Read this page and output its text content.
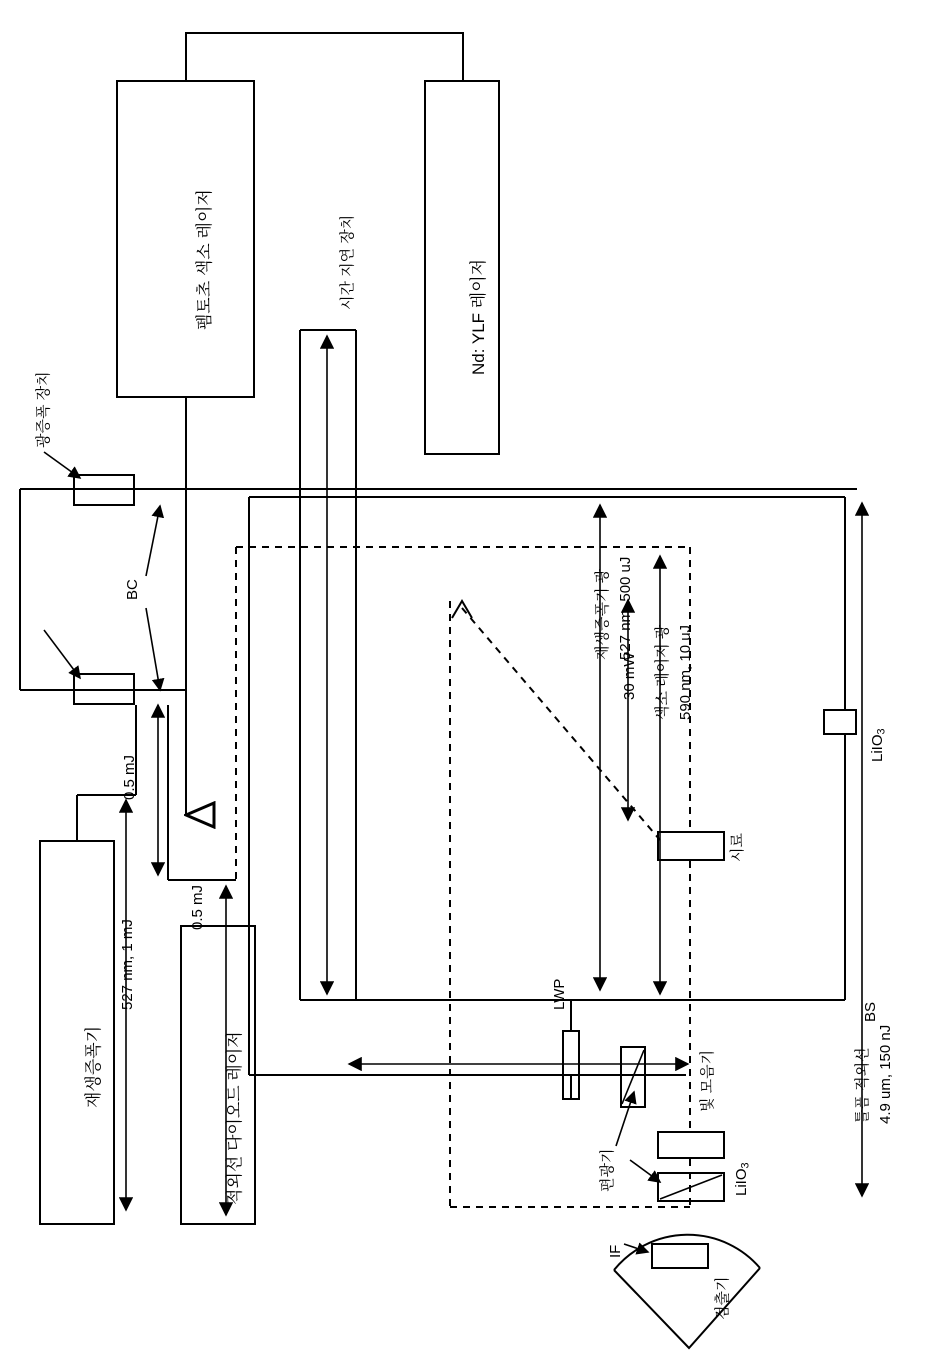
펨토초 색소 레이저	Nd: YLF 레이저
재생증폭기	적외선 다이오드 레이저
광증폭 장치
BC
시간 지연 장치
재생증폭기 광 527 nm, 500 uJ
색소 레이저 광 590 nm, 10 uJ
30 mW
0.5 mJ
0.5 mJ
527 nm, 1 mJ
시료
LWP
LiIO$_3$
LiIO$_3$
빛 모음기
편광기
BS
틀픔 적외선 4.9 um, 150 nJ
IF
검출기
